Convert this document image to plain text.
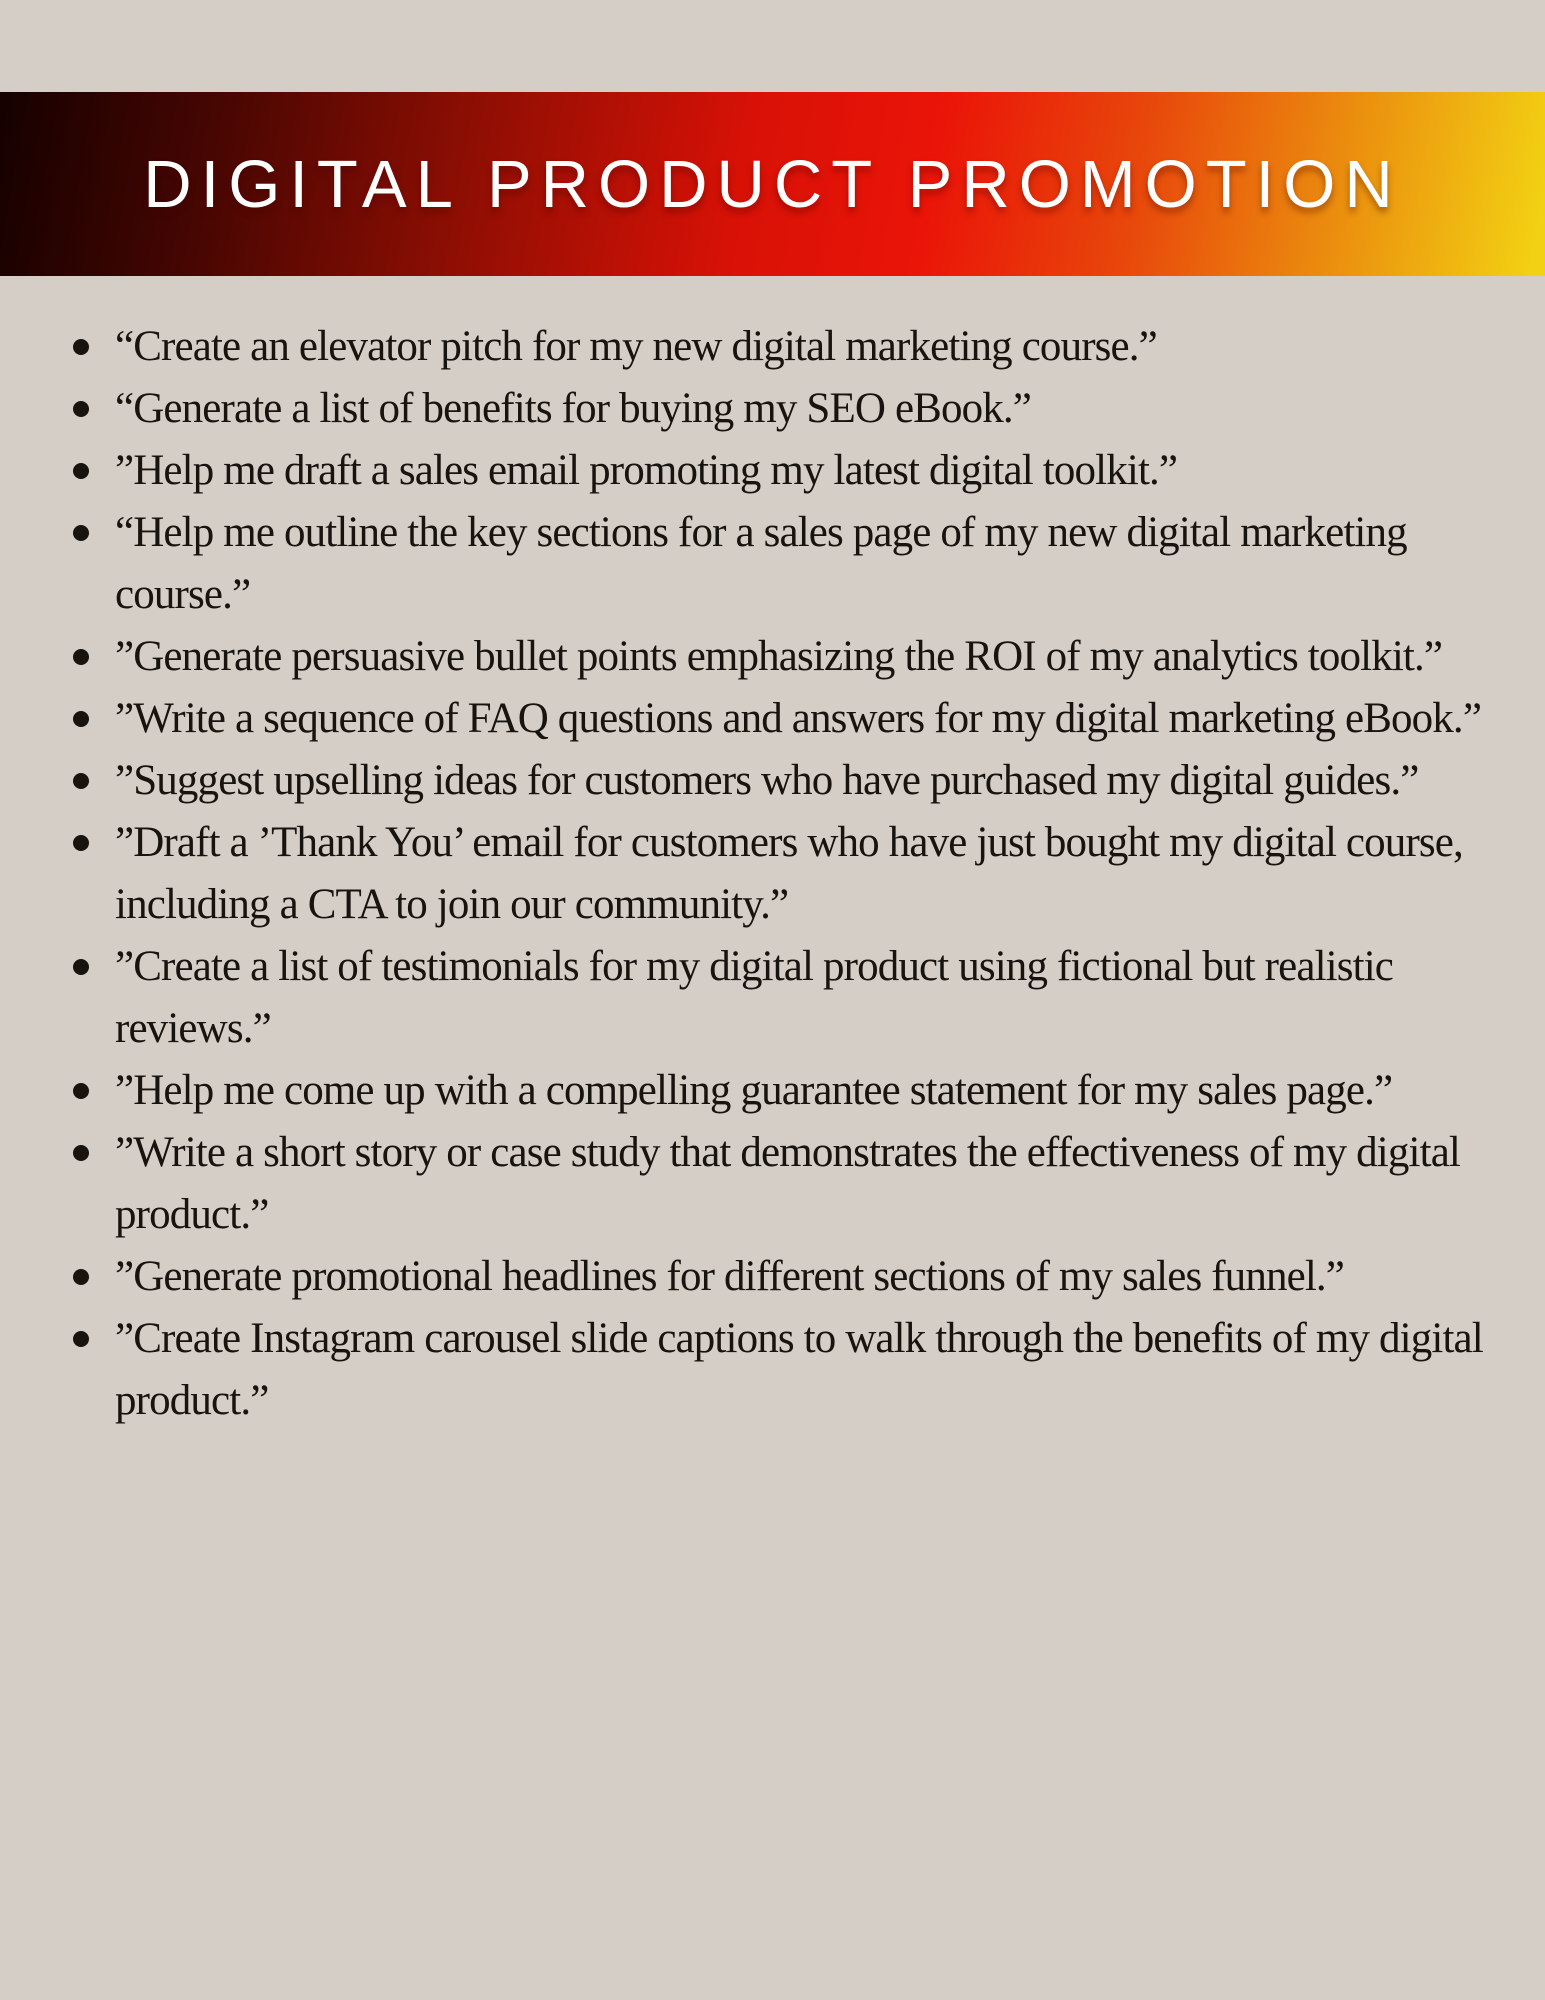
DIGITAL PRODUCT PROMOTION
“Create an elevator pitch for my new digital marketing course.”
“Generate a list of benefits for buying my SEO eBook.”
”Help me draft a sales email promoting my latest digital toolkit.”
“Help me outline the key sections for a sales page of my new digital marketing course.”
”Generate persuasive bullet points emphasizing the ROI of my analytics toolkit.”
”Write a sequence of FAQ questions and answers for my digital marketing eBook.”
”Suggest upselling ideas for customers who have purchased my digital guides.”
”Draft a ’Thank You’ email for customers who have just bought my digital course, including a CTA to join our community.”
”Create a list of testimonials for my digital product using fictional but realistic reviews.”
”Help me come up with a compelling guarantee statement for my sales page.”
”Write a short story or case study that demonstrates the effectiveness of my digital product.”
”Generate promotional headlines for different sections of my sales funnel.”
”Create Instagram carousel slide captions to walk through the benefits of my digital product.”
